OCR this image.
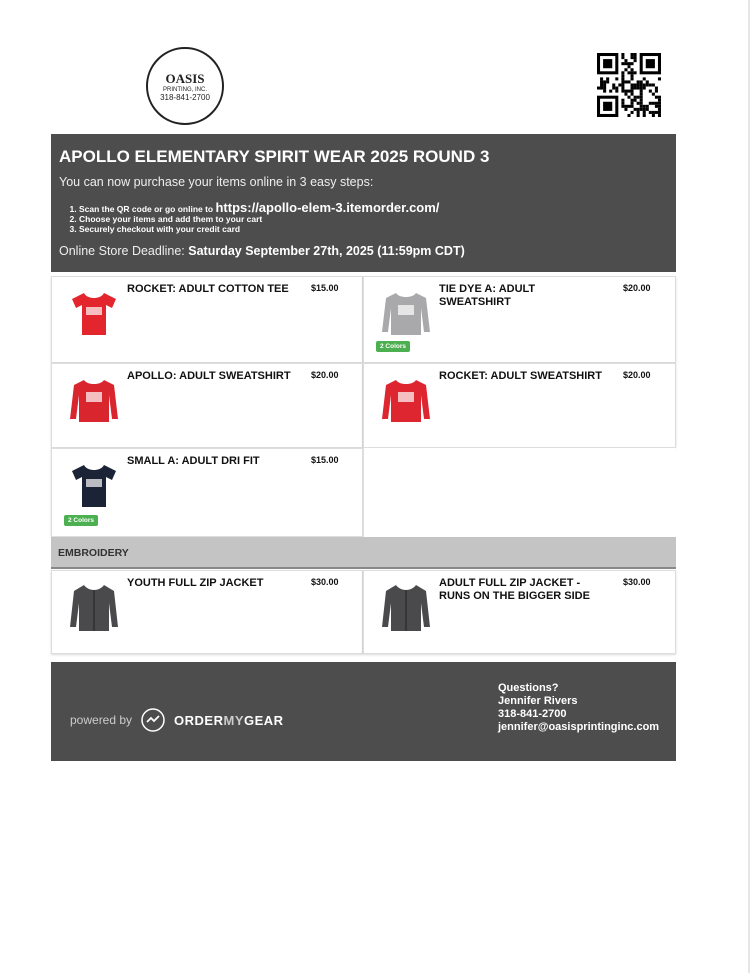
OASIS
PRINTING, INC.
318-841-2700
APOLLO ELEMENTARY SPIRIT WEAR 2025 ROUND 3
You can now purchase your items online in 3 easy steps:
1. Scan the QR code or go online to https://apollo-elem-3.itemorder.com/
2. Choose your items and add them to your cart
3. Securely checkout with your credit card
Online Store Deadline: Saturday September 27th, 2025 (11:59pm CDT)
ROCKET: ADULT COTTON TEE	$15.00	TIE DYE A: ADULT SWEATSHIRT
$20.00
2 Colors
APOLLO: ADULT SWEATSHIRT	$20.00	ROCKET: ADULT SWEATSHIRT	$20.00
SMALL A: ADULT DRI FIT	$15.00
2 Colors
YOUTH FULL ZIP JACKET	$30.00	ADULT FULL ZIP JACKET - RUNS ON THE BIGGER SIDE
$30.00
EMBROIDERY
powered by	ORDERMYGEAR
Questions?
Jennifer Rivers
318-841-2700
jennifer@oasisprintinginc.com
